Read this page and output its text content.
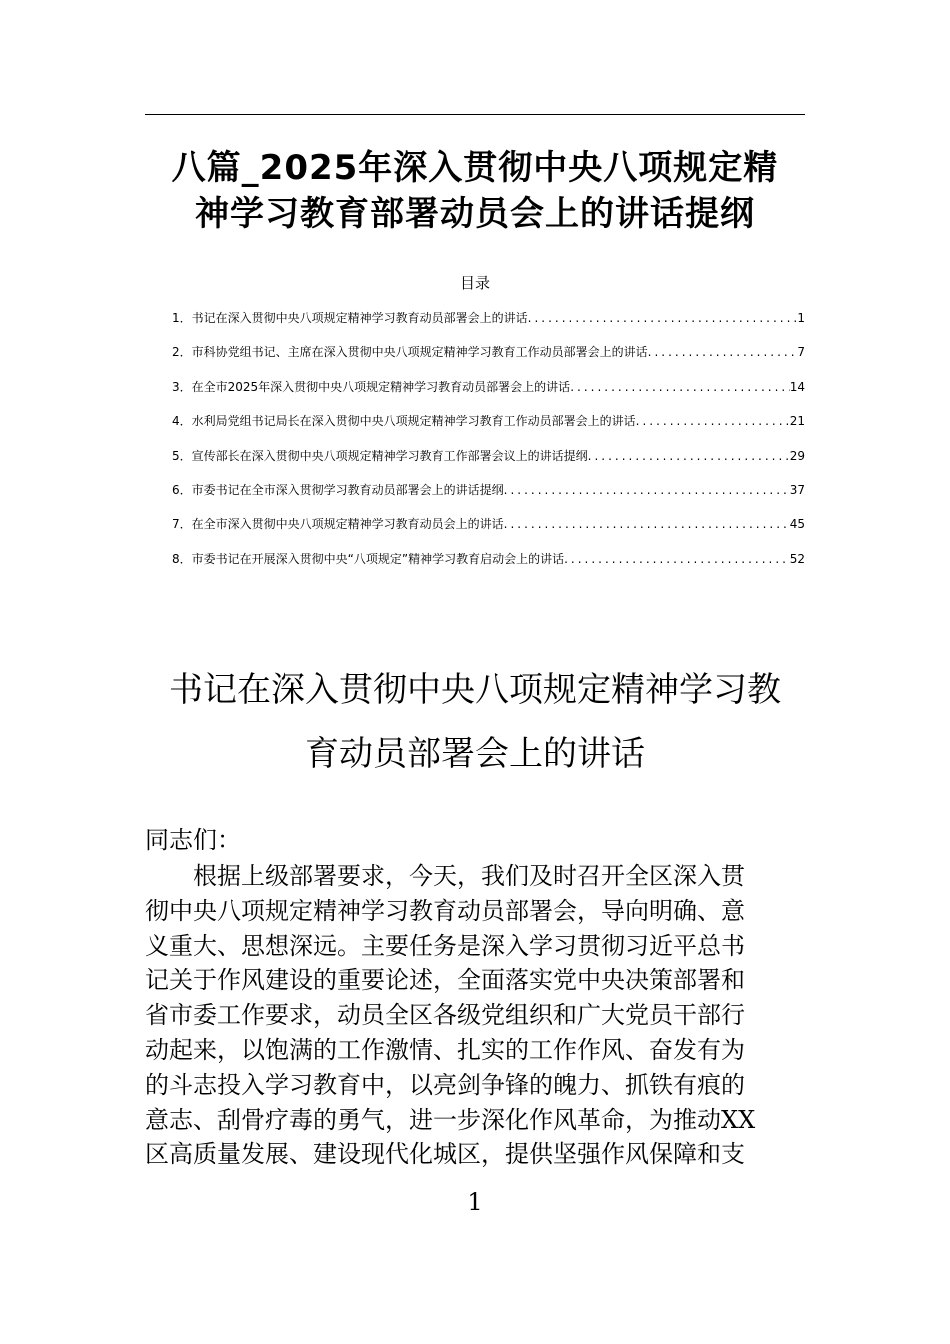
八篇_2025年深入贯彻中央八项规定精
神学习教育部署动员会上的讲话提纲
目录
1．书记在深入贯彻中央八项规定精神学习教育动员部署会上的讲话 .....	1
2．市科协党组书记、主席在深入贯彻中央八项规定精神学习教育工作动员部署会上的讲话 .....	7
3．在全市2025年深入贯彻中央八项规定精神学习教育动员部署会上的讲话 .....	14
4．水利局党组书记局长在深入贯彻中央八项规定精神学习教育工作动员部署会上的讲话 .....	21
5．宣传部长在深入贯彻中央八项规定精神学习教育工作部署会议上的讲话提纲 .....	29
6．市委书记在全市深入贯彻学习教育动员部署会上的讲话提纲 .....	37
7．在全市深入贯彻中央八项规定精神学习教育动员会上的讲话 .....	45
8．市委书记在开展深入贯彻中央“八项规定”精神学习教育启动会上的讲话 .....	52
书记在深入贯彻中央八项规定精神学习教
育动员部署会上的讲话
同志们：
　　根据上级部署要求，今天，我们及时召开全区深入贯
彻中央八项规定精神学习教育动员部署会，导向明确、意
义重大、思想深远。主要任务是深入学习贯彻习近平总书
记关于作风建设的重要论述，全面落实党中央决策部署和
省市委工作要求，动员全区各级党组织和广大党员干部行
动起来，以饱满的工作激情、扎实的工作作风、奋发有为
的斗志投入学习教育中，以亮剑争锋的魄力、抓铁有痕的
意志、刮骨疗毒的勇气，进一步深化作风革命，为推动XX
区高质量发展、建设现代化城区，提供坚强作风保障和支
1
